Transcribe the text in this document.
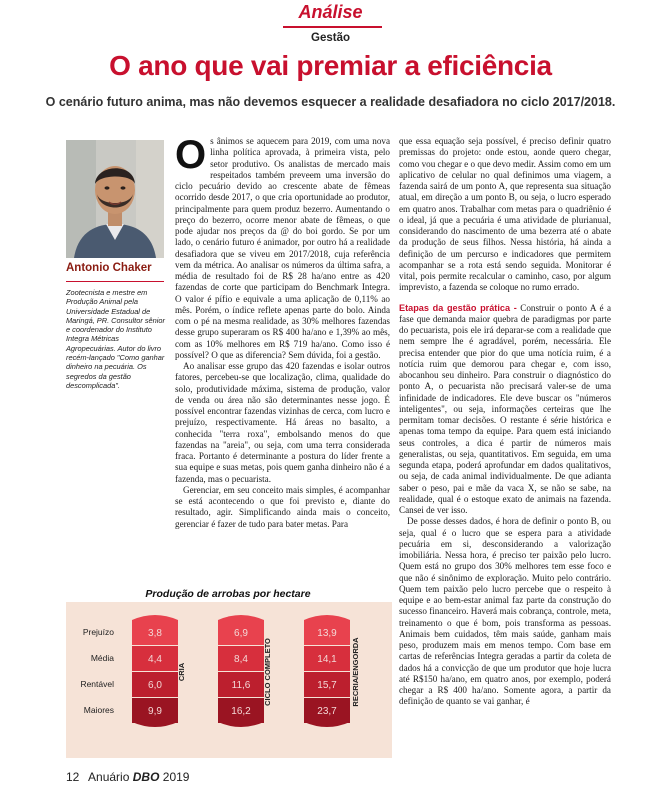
Análise
Gestão
O ano que vai premiar a eficiência
O cenário futuro anima, mas não devemos esquecer a realidade desafiadora no ciclo 2017/2018.
Antonio Chaker
Zootecnista e mestre em Produção Animal pela Universidade Estadual de Maringá, PR. Consultor sênior e coordenador do Instituto Integra Métricas Agropecuárias. Autor do livro recém-lançado "Como ganhar dinheiro na pecuária. Os segredos da gestão descomplicada".
O s ânimos se aquecem para 2019, com uma nova linha política aprovada, à primeira vista, pelo setor produtivo. Os analistas de mercado mais respeitados também preveem uma inversão do ciclo pecuário devido ao crescente abate de fêmeas ocorrido desde 2017, o que cria oportunidade ao produtor, principalmente para quem produz bezerro. Aumentando o preço do bezerro, ocorre menor abate de fêmeas, o que pode ajudar nos preços da @ do boi gordo. Se por um lado, o cenário futuro é animador, por outro há a realidade desafiadora que se viveu em 2017/2018, cuja referência vem da métrica. Ao analisar os números da última safra, a média de resultado foi de R$ 28 ha/ano entre as 420 fazendas de corte que participam do Benchmark Integra. O valor é pífio e equivale a uma aplicação de 0,11% ao mês. Porém, o índice reflete apenas parte do bolo. Ainda com o pé na mesma realidade, as 30% melhores fazendas desse grupo superaram os R$ 400 ha/ano e 1,39% ao mês, com as 10% melhores em R$ 719 ha/ano. Como isso é possível? O que as diferencia? Sem dúvida, foi a gestão.

Ao analisar esse grupo das 420 fazendas e isolar outros fatores, percebeu-se que localização, clima, qualidade do solo, produtividade máxima, sistema de produção, valor de venda ou área não são determinantes nesse jogo. É possível encontrar fazendas vizinhas de cerca, com lucro e prejuízo, respectivamente. Há áreas no basalto, a conhecida "terra roxa", embolsando menos do que fazendas na "areia", ou seja, com uma terra considerada fraca. Portanto é determinante a postura do líder frente a sua equipe e suas metas, pois quem ganha dinheiro não é a fazenda, mas o pecuarista.

Gerenciar, em seu conceito mais simples, é acompanhar se está acontecendo o que foi previsto e, diante do resultado, agir. Simplificando ainda mais o conceito, gerenciar é fazer de tudo para bater metas. Para

que essa equação seja possível, é preciso definir quatro premissas do projeto: onde estou, aonde quero chegar, como vou chegar e o que devo medir. Assim como em um aplicativo de celular no qual definimos uma viagem, a fazenda sairá de um ponto A, que representa sua situação atual, em direção a um ponto B, ou seja, o lucro esperado em quatro anos. Trabalhar com metas para o quadriênio é o ideal, já que a pecuária é uma atividade de plurianual, considerando do nascimento de uma bezerra até o abate da produção de seus filhos. Nessa história, há ainda a definição de um percurso e indicadores que permitem acompanhar se a rota está sendo seguida. Monitorar é vital, pois permite recalcular o caminho, caso, por algum imprevisto, a fazenda se coloque no rumo errado.

Etapas da gestão prática - Construir o ponto A é a fase que demanda maior quebra de paradigmas por parte do pecuarista, pois ele irá deparar-se com a realidade que nem sempre lhe é agradável, porém, necessária. Ele precisa entender que pior do que uma notícia ruim, é a notícia ruim que demorou para chegar e, com isso, abocanhou seu dinheiro. Para construir o diagnóstico do ponto A, o pecuarista não precisará valer-se de uma infinidade de indicadores. Ele deve buscar os "números inteligentes", ou seja, informações certeiras que lhe permitam tomar decisões. O restante é série histórica e apenas toma tempo da equipe. Para quem está iniciando seus controles, a dica é partir de números mais generalistas, ou seja, quantitativos. Em seguida, em uma segunda etapa, poderá aprofundar em dados qualitativos, ou seja, de cada animal individualmente. De que adianta saber o peso, pai e mãe da vaca X, se não se sabe, na realidade, qual é o estoque exato de animais na fazenda. Cansei de ver isso.

De posse desses dados, é hora de definir o ponto B, ou seja, qual é o lucro que se espera para a atividade pecuária em si, desconsiderando a valorização imobiliária. Nessa hora, é preciso ter paixão pelo lucro. Quem está no grupo dos 30% melhores tem esse foco e que não é sinônimo de exploração. Muito pelo contrário. Quem tem paixão pelo lucro percebe que o respeito à equipe e ao bem-estar animal faz parte da construção do sucesso financeiro. Haverá mais cobrança, controle, meta, treinamento o que é bom, pois transforma as pessoas. Animais bem cuidados, têm mais saúde, ganham mais peso, produzem mais em menos tempo. Com base em cartas de referências Integra geradas a partir da coleta de dados há a convicção de que um produtor que hoje lucra até R$150 ha/ano, em quatro anos, por exemplo, poderá chegar a R$ 400 ha/ano. Somente agora, a partir da definição de quanto se vai ganhar, é

Produção de arrobas por hectare
Prejuízo
Média
Rentável
Maiores
3,8
4,4
6,0
9,9
CRIA
6,9
8,4
11,6
16,2
CICLO COMPLETO
13,9
14,1
15,7
23,7
RECRIA/ENGORDA
12 Anuário DBO 2019
